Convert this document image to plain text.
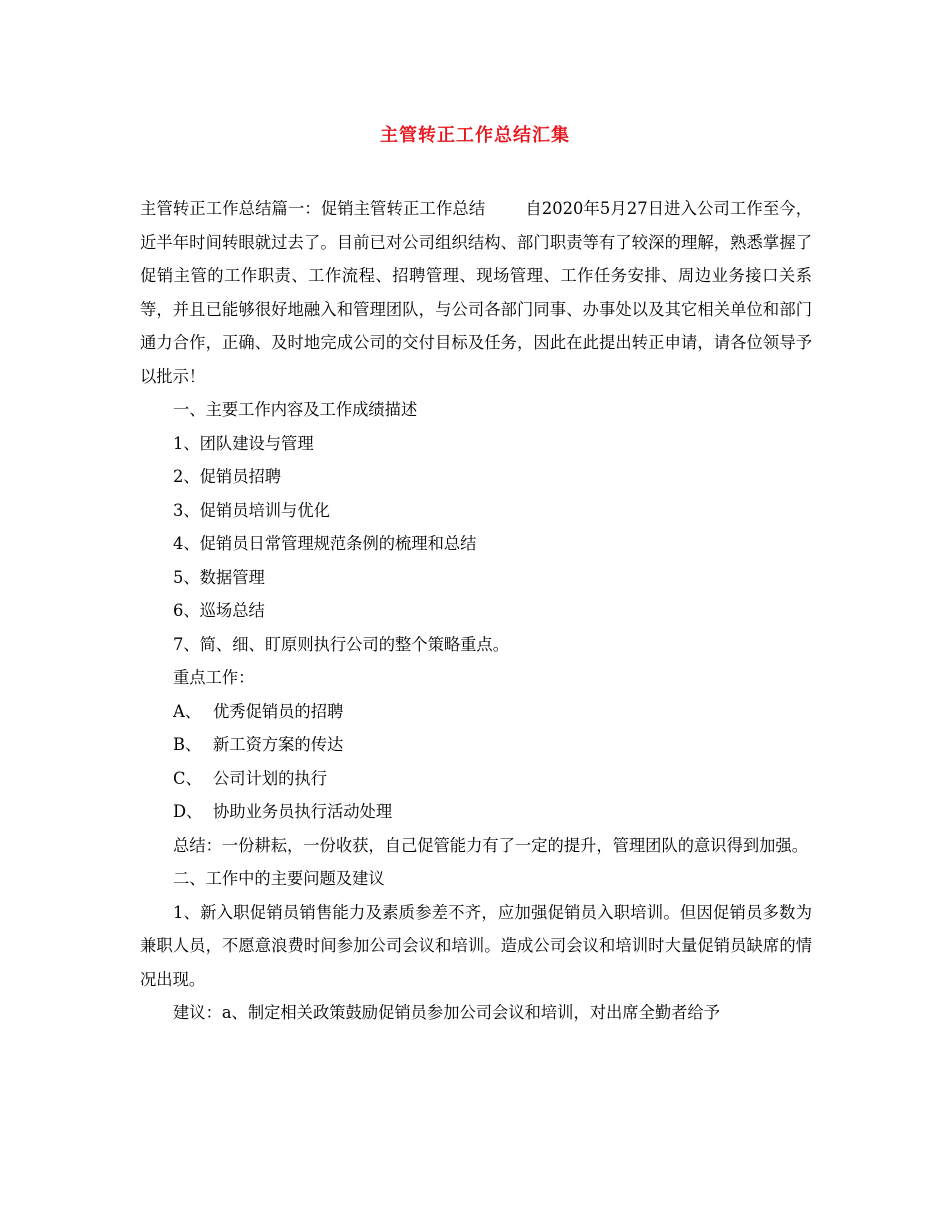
主管转正工作总结汇集

主管转正工作总结篇一：促销主管转正工作总结 自2020年5月27日进入公司工作至今，近半年时间转眼就过去了。目前已对公司组织结构、部门职责等有了较深的理解，熟悉掌握了促销主管的工作职责、工作流程、招聘管理、现场管理、工作任务安排、周边业务接口关系等，并且已能够很好地融入和管理团队，与公司各部门同事、办事处以及其它相关单位和部门通力合作，正确、及时地完成公司的交付目标及任务，因此在此提出转正申请，请各位领导予以批示！

一、主要工作内容及工作成绩描述

1、团队建设与管理

2、促销员招聘

3、促销员培训与优化

4、促销员日常管理规范条例的梳理和总结

5、数据管理

6、巡场总结

7、简、细、盯原则执行公司的整个策略重点。

重点工作：

A、 优秀促销员的招聘

B、 新工资方案的传达

C、 公司计划的执行

D、 协助业务员执行活动处理

总结：一份耕耘，一份收获，自己促管能力有了一定的提升，管理团队的意识得到加强。

二、工作中的主要问题及建议

1、新入职促销员销售能力及素质参差不齐，应加强促销员入职培训。但因促销员多数为兼职人员，不愿意浪费时间参加公司会议和培训。造成公司会议和培训时大量促销员缺席的情况出现。

建议：a、制定相关政策鼓励促销员参加公司会议和培训，对出席全勤者给予
